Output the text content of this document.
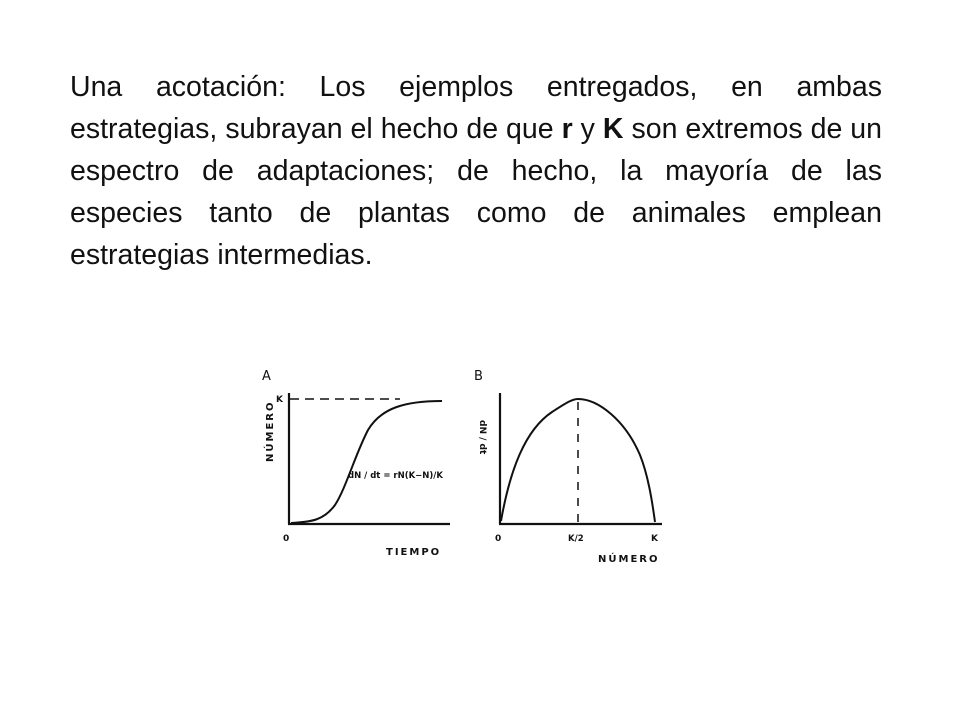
Una acotación: Los ejemplos entregados, en ambas estrategias, subrayan el hecho de que r y K son extremos de un espectro de adaptaciones; de hecho, la mayoría de las especies tanto de plantas como de animales emplean estrategias intermedias.

A
K
NÚMERO
dN / dt = rN(K−N)/K
0
TIEMPO
B
dN / dt
0	K/2	K
NÚMERO
